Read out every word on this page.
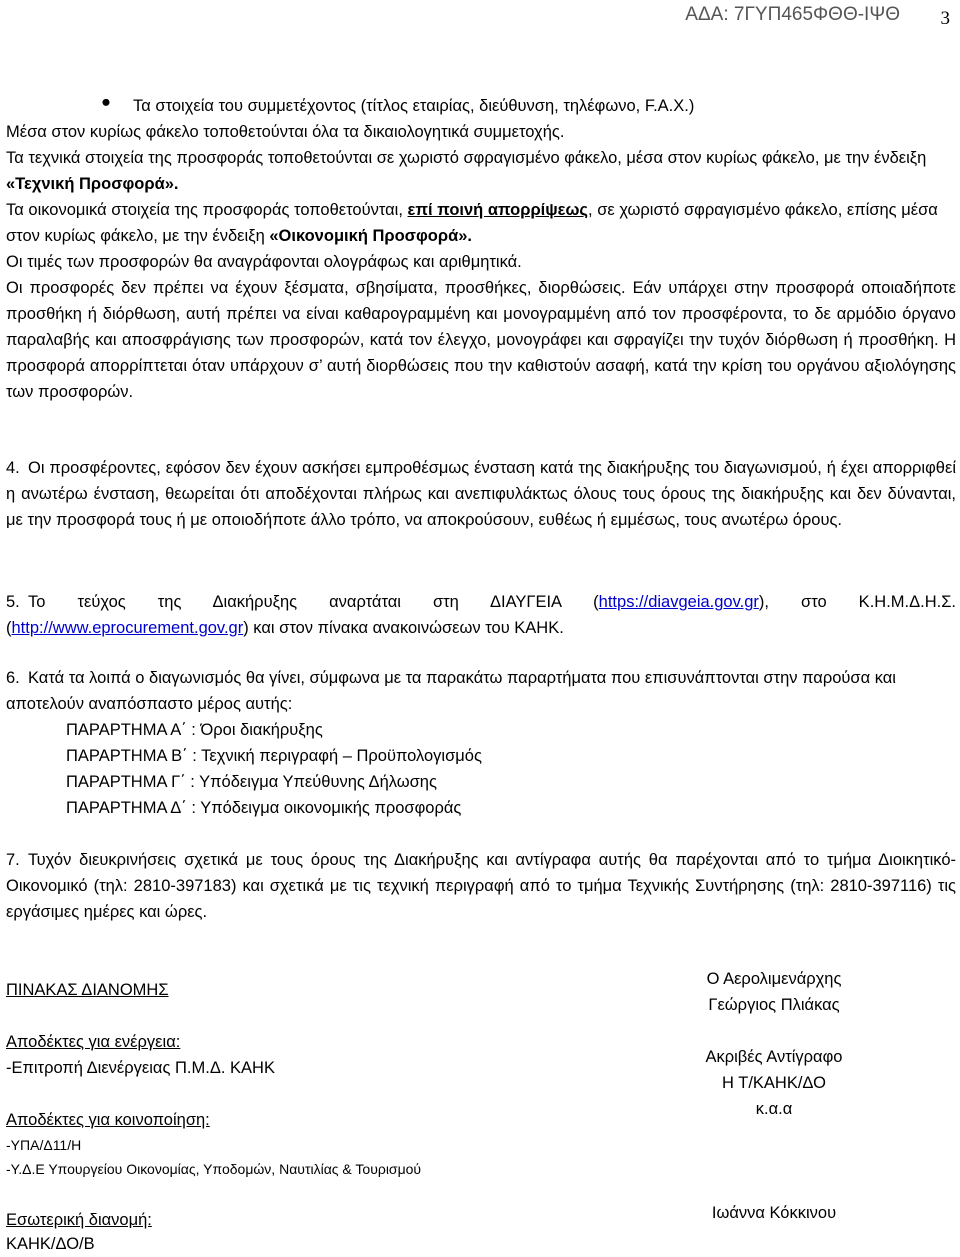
ΑΔΑ: 7ΓΥΠ465ΦΘΘ-ΙΨΘ 3
● Τα στοιχεία του συμμετέχοντος (τίτλος εταιρίας, διεύθυνση, τηλέφωνο, F.A.X.)
Μέσα στον κυρίως φάκελο τοποθετούνται όλα τα δικαιολογητικά συμμετοχής.
Τα τεχνικά στοιχεία της προσφοράς τοποθετούνται σε χωριστό σφραγισμένο φάκελο, μέσα στον κυρίως φάκελο, με την ένδειξη «Τεχνική Προσφορά».
Τα οικονομικά στοιχεία της προσφοράς τοποθετούνται, επί ποινή απορρίψεως, σε χωριστό σφραγισμένο φάκελο, επίσης μέσα στον κυρίως φάκελο, με την ένδειξη «Οικονομική Προσφορά».
Οι τιμές των προσφορών θα αναγράφονται ολογράφως και αριθμητικά.
Οι προσφορές δεν πρέπει να έχουν ξέσματα, σβησίματα, προσθήκες, διορθώσεις. Εάν υπάρχει στην προσφορά οποιαδήποτε προσθήκη ή διόρθωση, αυτή πρέπει να είναι καθαρογραμμένη και μονογραμμένη από τον προσφέροντα, το δε αρμόδιο όργανο παραλαβής και αποσφράγισης των προσφορών, κατά τον έλεγχο, μονογράφει και σφραγίζει την τυχόν διόρθωση ή προσθήκη. Η προσφορά απορρίπτεται όταν υπάρχουν σ’ αυτή διορθώσεις που την καθιστούν ασαφή, κατά την κρίση του οργάνου αξιολόγησης των προσφορών.
4. Οι προσφέροντες, εφόσον δεν έχουν ασκήσει εμπροθέσμως ένσταση κατά της διακήρυξης του διαγωνισμού, ή έχει απορριφθεί η ανωτέρω ένσταση, θεωρείται ότι αποδέχονται πλήρως και ανεπιφυλάκτως όλους τους όρους της διακήρυξης και δεν δύνανται, με την προσφορά τους ή με οποιοδήποτε άλλο τρόπο, να αποκρούσουν, ευθέως ή εμμέσως, τους ανωτέρω όρους.
5. Το τεύχος της Διακήρυξης αναρτάται στη ΔΙΑΥΓΕΙΑ (https://diavgeia.gov.gr), στο Κ.Η.Μ.Δ.Η.Σ. (http://www.eprocurement.gov.gr) και στον πίνακα ανακοινώσεων του ΚΑΗΚ.
6. Κατά τα λοιπά ο διαγωνισμός θα γίνει, σύμφωνα με τα παρακάτω παραρτήματα που επισυνάπτονται στην παρούσα και αποτελούν αναπόσπαστο μέρος αυτής:
ΠΑΡΑΡΤΗΜΑ Α΄ : Όροι διακήρυξης
ΠΑΡΑΡΤΗΜΑ Β΄ : Τεχνική περιγραφή – Προϋπολογισμός
ΠΑΡΑΡΤΗΜΑ Γ΄ : Υπόδειγμα Υπεύθυνης Δήλωσης
ΠΑΡΑΡΤΗΜΑ Δ΄ : Υπόδειγμα οικονομικής προσφοράς
7. Τυχόν διευκρινήσεις σχετικά με τους όρους της Διακήρυξης και αντίγραφα αυτής θα παρέχονται από το τμήμα Διοικητικό-Οικονομικό (τηλ: 2810-397183) και σχετικά με τις τεχνική περιγραφή από το τμήμα Τεχνικής Συντήρησης (τηλ: 2810-397116) τις εργάσιμες ημέρες και ώρες.
ΠΙΝΑΚΑΣ ΔΙΑΝΟΜΗΣ
Αποδέκτες για ενέργεια:
-Επιτροπή Διενέργειας Π.Μ.Δ. ΚΑΗΚ
Αποδέκτες για κοινοποίηση:
-ΥΠΑ/Δ11/Η
-Υ.Δ.Ε Υπουργείου Οικονομίας, Υποδομών, Ναυτιλίας & Τουρισμού
Εσωτερική διανομή:
ΚΑΗΚ/ΔΟ/Β
Ο Αερολιμενάρχης
Γεώργιος Πλιάκας
Ακριβές Αντίγραφο
Η Τ/ΚΑΗΚ/ΔΟ
κ.α.α
Ιωάννα Κόκκινου
